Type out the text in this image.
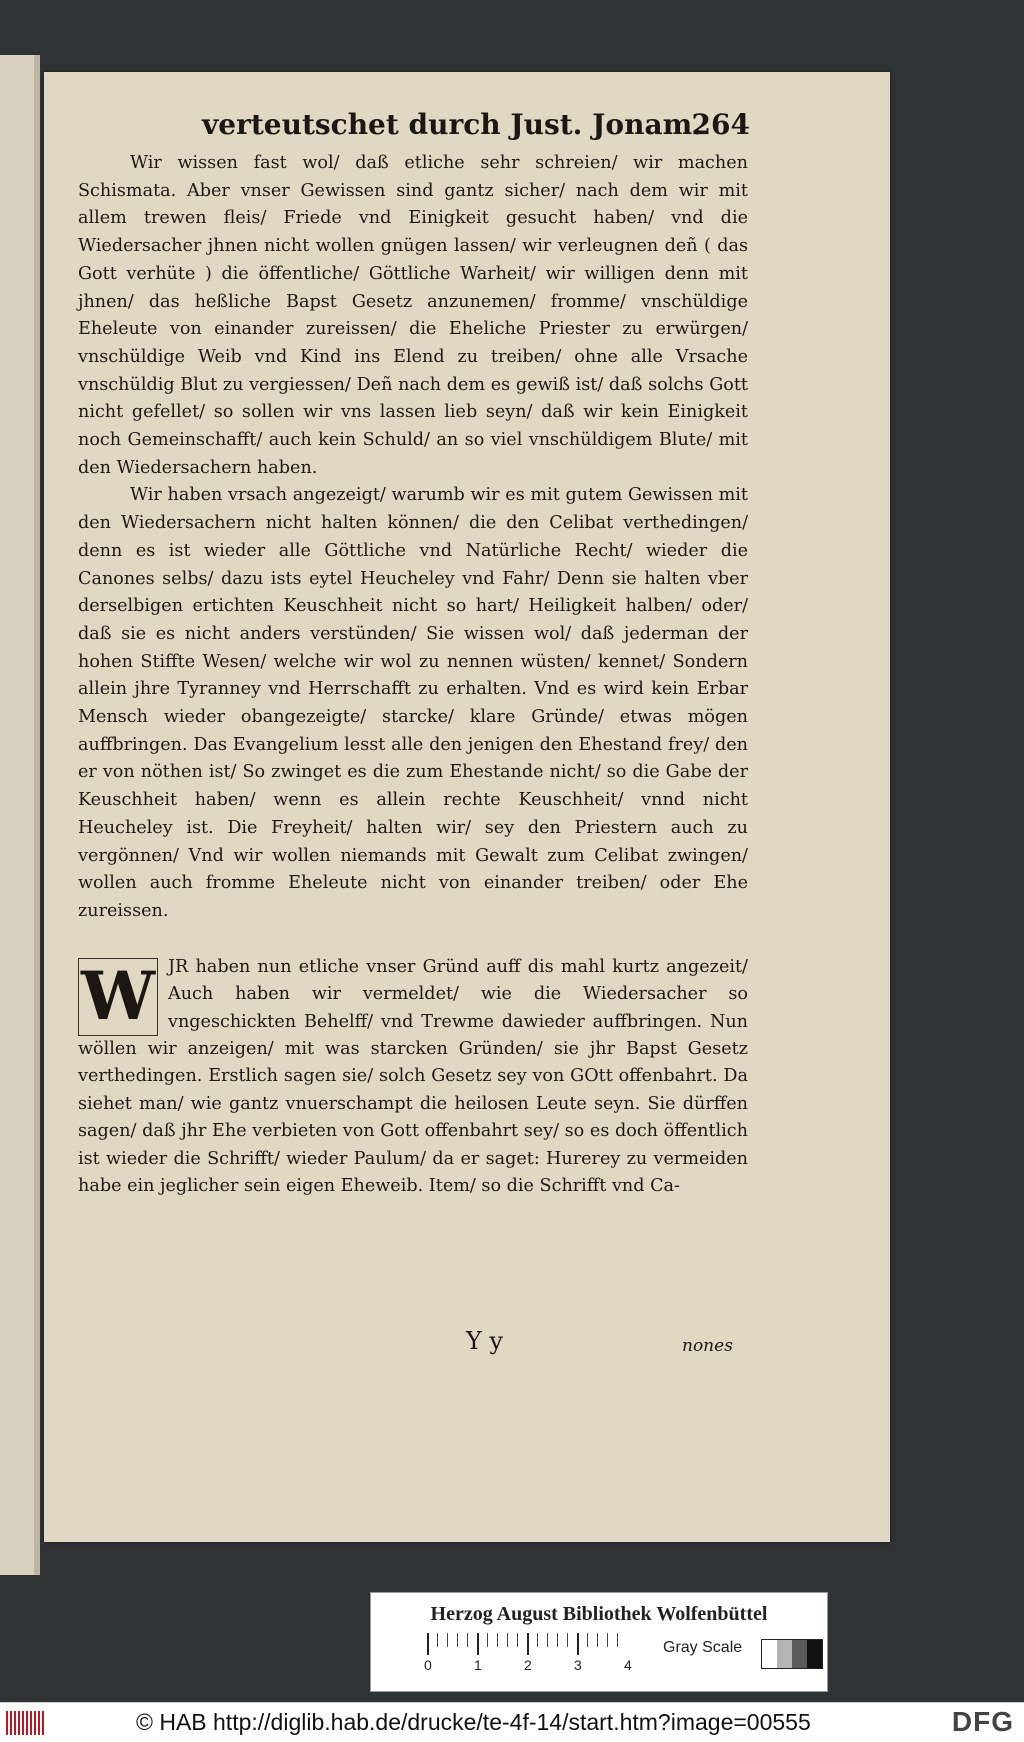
verteutschet durch Just. Jonam.
264

Wir wissen fast wol/ daß etliche sehr schreien/ wir machen Schismata. Aber vnser Gewissen sind gantz sicher/ nach dem wir mit allem trewen fleis/ Friede vnd Einigkeit gesucht haben/ vnd die Wiedersacher jhnen nicht wollen gnügen lassen/ wir verleugnen deñ ( das Gott verhüte ) die öffentliche/ Göttliche Warheit/ wir willigen denn mit jhnen/ das heßliche Bapst Gesetz anzunemen/ fromme/ vnschüldige Eheleute von einander zureissen/ die Eheliche Priester zu erwürgen/ vnschüldige Weib vnd Kind ins Elend zu treiben/ ohne alle Vrsache vnschüldig Blut zu vergiessen/ Deñ nach dem es gewiß ist/ daß solchs Gott nicht gefellet/ so sollen wir vns lassen lieb seyn/ daß wir kein Einigkeit noch Gemeinschafft/ auch kein Schuld/ an so viel vnschüldigem Blute/ mit den Wiedersachern haben.

Wir haben vrsach angezeigt/ warumb wir es mit gutem Gewissen mit den Wiedersachern nicht halten können/ die den Celibat verthedingen/ denn es ist wieder alle Göttliche vnd Natürliche Recht/ wieder die Canones selbs/ dazu ists eytel Heucheley vnd Fahr/ Denn sie halten vber derselbigen ertichten Keuschheit nicht so hart/ Heiligkeit halben/ oder/ daß sie es nicht anders verstünden/ Sie wissen wol/ daß jederman der hohen Stiffte Wesen/ welche wir wol zu nennen wüsten/ kennet/ Sondern allein jhre Tyranney vnd Herrschafft zu erhalten. Vnd es wird kein Erbar Mensch wieder obangezeigte/ starcke/ klare Gründe/ etwas mögen auffbringen. Das Evangelium lesst alle den jenigen den Ehestand frey/ den er von nöthen ist/ So zwinget es die zum Ehestande nicht/ so die Gabe der Keuschheit haben/ wenn es allein rechte Keuschheit/ vnnd nicht Heucheley ist. Die Freyheit/ halten wir/ sey den Priestern auch zu vergönnen/ Vnd wir wollen niemands mit Gewalt zum Celibat zwingen/ wollen auch fromme Eheleute nicht von einander treiben/ oder Ehe zureissen.

W JR haben nun etliche vnser Gründ auff dis mahl kurtz angezeit/ Auch haben wir vermeldet/ wie die Wiedersacher so vngeschickten Behelff/ vnd Trewme dawieder auffbringen. Nun wöllen wir anzeigen/ mit was starcken Gründen/ sie jhr Bapst Gesetz verthedingen. Erstlich sagen sie/ solch Gesetz sey von GOtt offenbahrt. Da siehet man/ wie gantz vnuerschampt die heilosen Leute seyn. Sie dürffen sagen/ daß jhr Ehe verbieten von Gott offenbahrt sey/ so es doch öffentlich ist wieder die Schrifft/ wieder Paulum/ da er saget: Hurerey zu vermeiden habe ein jeglicher sein eigen Eheweib. Item/ so die Schrifft vnd Ca-

Y y	nones
Herzog August Bibliothek Wolfenbüttel
0	1	2	3	4
Gray Scale
© HAB http://diglib.hab.de/drucke/te-4f-14/start.htm?image=00555	DFG
